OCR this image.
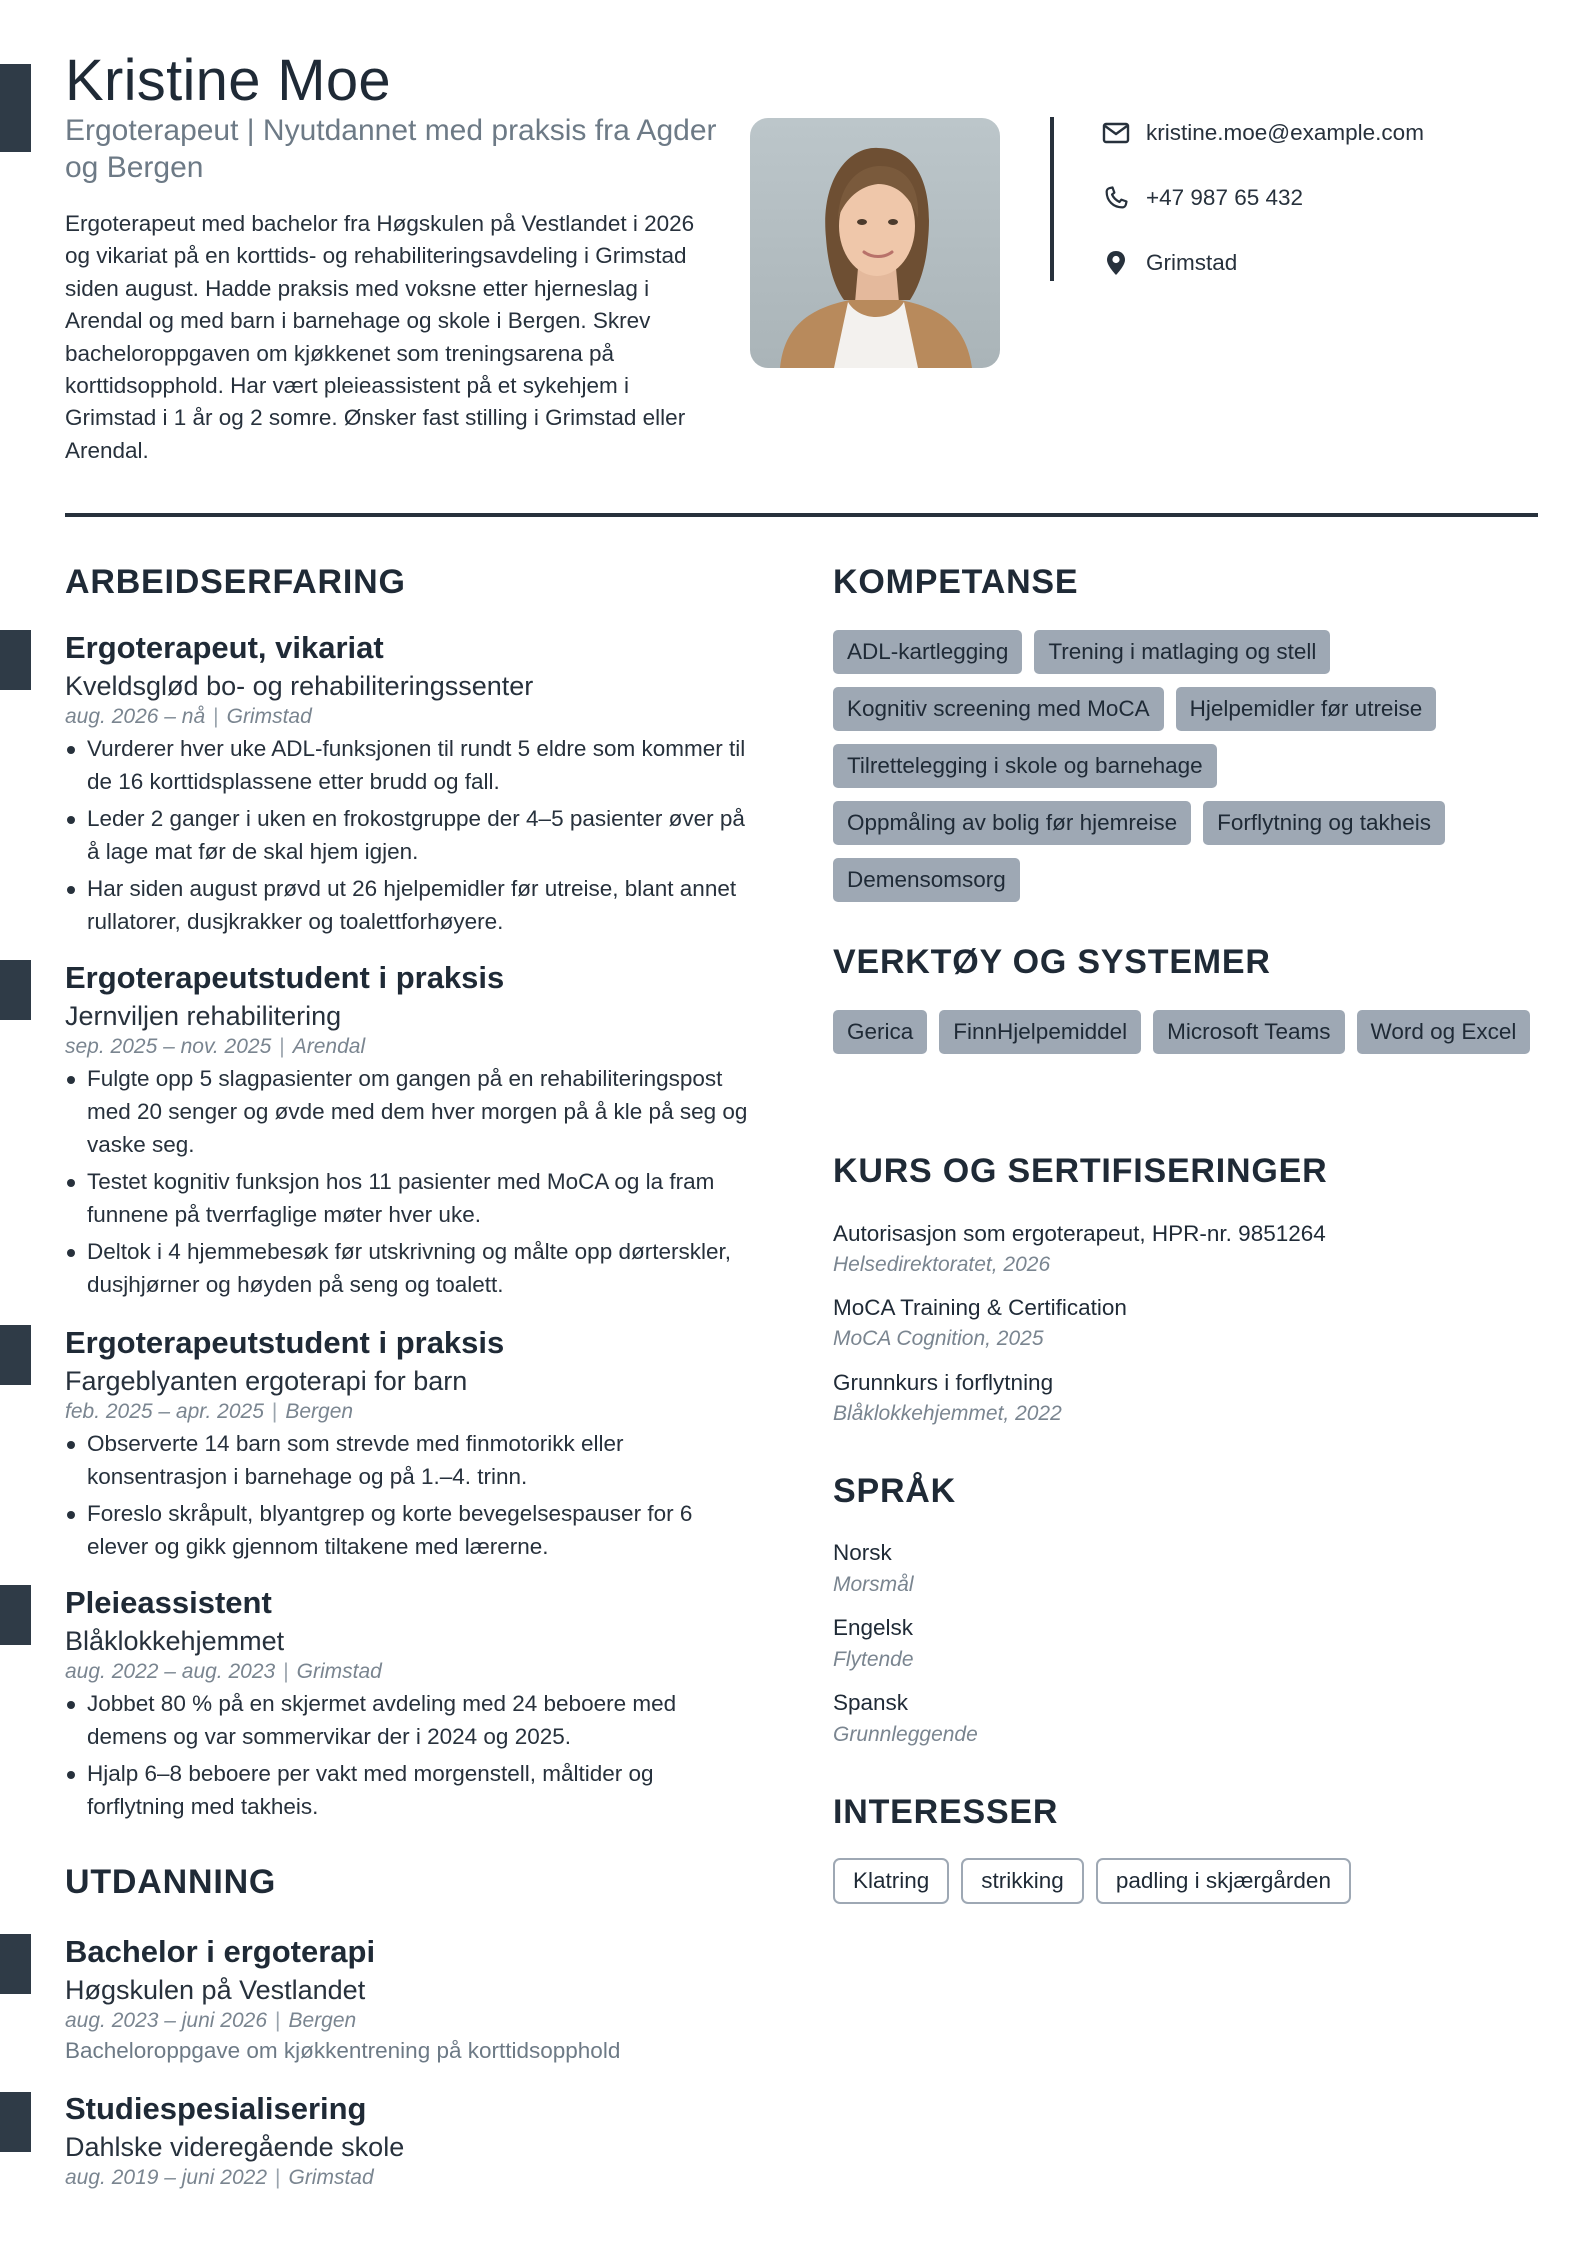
Kristine Moe

Ergoterapeut | Nyutdannet med praksis fra Agder og Bergen

Ergoterapeut med bachelor fra Høgskulen på Vestlandet i 2026 og vikariat på en korttids- og rehabiliteringsavdeling i Grimstad siden august. Hadde praksis med voksne etter hjerneslag i Arendal og med barn i barnehage og skole i Bergen. Skrev bacheloroppgaven om kjøkkenet som treningsarena på korttidsopphold. Har vært pleieassistent på et sykehjem i Grimstad i 1 år og 2 somre. Ønsker fast stilling i Grimstad eller Arendal.

kristine.moe@example.com
+47 987 65 432
Grimstad
ARBEIDSERFARING
Ergoterapeut, vikariat
Kveldsglød bo- og rehabiliteringssenter
aug. 2026 – nå | Grimstad
Vurderer hver uke ADL-funksjonen til rundt 5 eldre som kommer til de 16 korttidsplassene etter brudd og fall.
Leder 2 ganger i uken en frokostgruppe der 4–5 pasienter øver på å lage mat før de skal hjem igjen.
Har siden august prøvd ut 26 hjelpemidler før utreise, blant annet rullatorer, dusjkrakker og toalettforhøyere.
Ergoterapeutstudent i praksis
Jernviljen rehabilitering
sep. 2025 – nov. 2025 | Arendal
Fulgte opp 5 slagpasienter om gangen på en rehabiliteringspost med 20 senger og øvde med dem hver morgen på å kle på seg og vaske seg.
Testet kognitiv funksjon hos 11 pasienter med MoCA og la fram funnene på tverrfaglige møter hver uke.
Deltok i 4 hjemmebesøk før utskrivning og målte opp dørterskler, dusjhjørner og høyden på seng og toalett.
Ergoterapeutstudent i praksis
Fargeblyanten ergoterapi for barn
feb. 2025 – apr. 2025 | Bergen
Observerte 14 barn som strevde med finmotorikk eller konsentrasjon i barnehage og på 1.–4. trinn.
Foreslo skråpult, blyantgrep og korte bevegelsespauser for 6 elever og gikk gjennom tiltakene med lærerne.
Pleieassistent
Blåklokkehjemmet
aug. 2022 – aug. 2023 | Grimstad
Jobbet 80 % på en skjermet avdeling med 24 beboere med demens og var sommervikar der i 2024 og 2025.
Hjalp 6–8 beboere per vakt med morgenstell, måltider og forflytning med takheis.
UTDANNING
Bachelor i ergoterapi
Høgskulen på Vestlandet
aug. 2023 – juni 2026 | Bergen
Bacheloroppgave om kjøkkentrening på korttidsopphold
Studiespesialisering
Dahlske videregående skole
aug. 2019 – juni 2022 | Grimstad
KOMPETANSE
ADL-kartlegging	Trening i matlaging og stell
Kognitiv screening med MoCA	Hjelpemidler før utreise
Tilrettelegging i skole og barnehage
Oppmåling av bolig før hjemreise	Forflytning og takheis
Demensomsorg
VERKTØY OG SYSTEMER
Gerica	FinnHjelpemiddel	Microsoft Teams	Word og Excel
KURS OG SERTIFISERINGER
Autorisasjon som ergoterapeut, HPR-nr. 9851264
Helsedirektoratet, 2026
MoCA Training & Certification
MoCA Cognition, 2025
Grunnkurs i forflytning
Blåklokkehjemmet, 2022
SPRÅK
Norsk
Morsmål
Engelsk
Flytende
Spansk
Grunnleggende
INTERESSER
Klatring	strikking	padling i skjærgården
